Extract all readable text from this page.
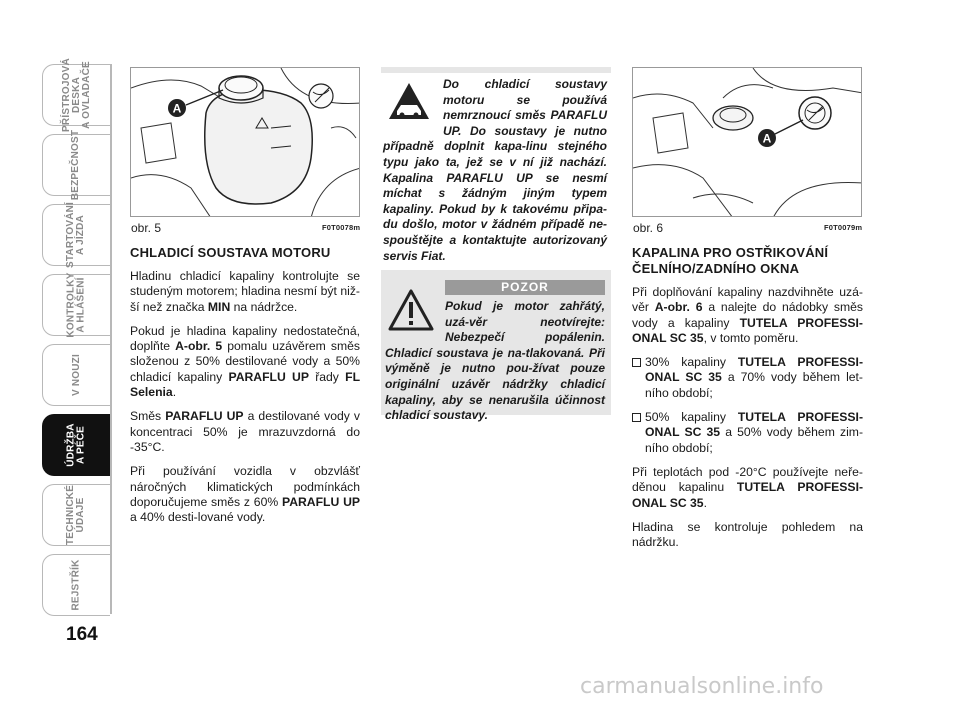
PŘÍSTROJOVÁ
DESKA
A OVLADAČE
BEZPEČNOST
STARTOVÁNÍ
A JÍZDA
KONTROLKY
A HLÁŠENÍ
V NOUZI
ÚDRŽBA
A PÉČE
TECHNICKÉ
ÚDAJE
REJSTŘÍK
164
A
obr. 5	F0T0078m
CHLADICÍ SOUSTAVA MOTORU

Hladinu chladicí kapaliny kontrolujte se studeným motorem; hladina nesmí být niž-ší než značka MIN na nádržce.

Pokud je hladina kapaliny nedostatečná, doplňte A-obr. 5 pomalu uzávěrem směs složenou z 50% destilované vody a 50% chladicí kapaliny PARAFLU UP řady FL Selenia.

Směs PARAFLU UP a destilované vody v koncentraci 50% je mrazuvzdorná do -35°C.

Při používání vozidla v obzvlášť náročných klimatických podmínkách doporučujeme směs z 60% PARAFLU UP a 40% desti-lované vody.

Do chladicí soustavy motoru se používá nemrznoucí směs PARAFLU UP. Do soustavy je nutno případně doplnit kapa-linu stejného typu jako ta, jež se v ní již nachází. Kapalina PARAFLU UP se nesmí míchat s žádným jiným typem kapaliny. Pokud by k takovému připa-du došlo, motor v žádném případě ne-spouštějte a kontaktujte autorizovaný servis Fiat.
POZOR
Pokud je motor zahřátý, uzá-věr neotvírejte: Nebezpečí popálenin. Chladicí soustava je na-tlakovaná. Při výměně je nutno pou-žívat pouze originální uzávěr nádržky chladicí kapaliny, aby se nenarušila účinnost chladicí soustavy.
A
obr. 6	F0T0079m
KAPALINA PRO OSTŘIKOVÁNÍ ČELNÍHO/ZADNÍHO OKNA

Při doplňování kapaliny nazdvihněte uzá-věr A-obr. 6 a nalejte do nádobky směs vody a kapaliny TUTELA PROFESSI-ONAL SC 35, v tomto poměru.

30% kapaliny TUTELA PROFESSI-ONAL SC 35 a 70% vody během let-ního období;
50% kapaliny TUTELA PROFESSI-ONAL SC 35 a 50% vody během zim-ního období;

Při teplotách pod -20°C používejte neře-děnou kapalinu TUTELA PROFESSI-ONAL SC 35.

Hladina se kontroluje pohledem na nádržku.

carmanualsonline.info
